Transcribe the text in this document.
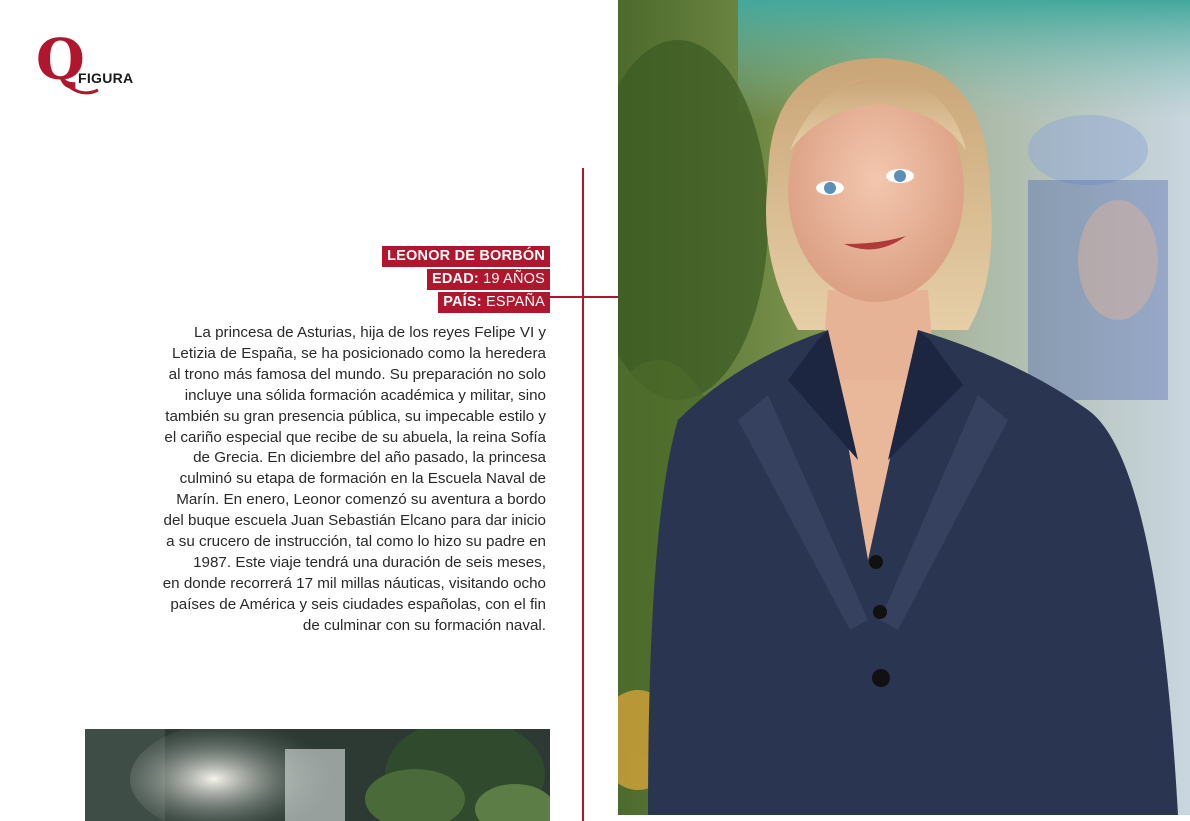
Q
FIGURA
LEONOR DE BORBÓN
EDAD: 19 AÑOS
PAÍS: ESPAÑA
La princesa de Asturias, hija de los reyes Felipe VI y
Letizia de España, se ha posicionado como la heredera
al trono más famosa del mundo. Su preparación no solo
incluye una sólida formación académica y militar, sino
también su gran presencia pública, su impecable estilo y
el cariño especial que recibe de su abuela, la reina Sofía
de Grecia. En diciembre del año pasado, la princesa
culminó su etapa de formación en la Escuela Naval de
Marín. En enero, Leonor comenzó su aventura a bordo
del buque escuela Juan Sebastián Elcano para dar inicio
a su crucero de instrucción, tal como lo hizo su padre en
1987. Este viaje tendrá una duración de seis meses,
en donde recorrerá 17 mil millas náuticas, visitando ocho
países de América y seis ciudades españolas, con el fin
de culminar con su formación naval.
